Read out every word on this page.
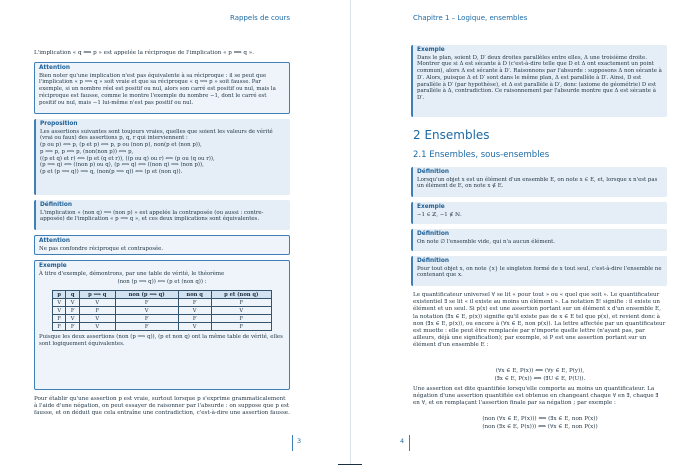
Rappels de cours
L'implication « q ⟹ p » est appelée la réciproque de l'implication « p ⟹ q ».
Attention
Bien noter qu'une implication n'est pas équivalente à sa réciproque : il se peut que l'implication « p ⟹ q » soit vraie et que sa réciproque « q ⟹ p » soit fausse. Par exemple, si un nombre réel est positif ou nul, alors son carré est positif ou nul, mais la réciproque est fausse, comme le montre l'exemple du nombre −1, dont le carré est positif ou nul, mais −1 lui-même n'est pas positif ou nul.
Proposition
Les assertions suivantes sont toujours vraies, quelles que soient les valeurs de vérité (vrai ou faux) des assertions p, q, r qui interviennent :
(p ou p) ⟺ p, (p et p) ⟺ p, p ou (non p), non(p et (non p)),
p ⟹ p, p ⟺ p, (non(non p)) ⟺ p,
((p et q) et r) ⟺ (p et (q et r)), ((p ou q) ou r) ⟺ (p ou (q ou r)),
(p ⟹ q) ⟺ ((non p) ou q), (p ⟺ q) ⟺ ((non q) ⟹ (non p)),
(p et (p ⟹ q)) ⟹ q, (non(p ⟹ q)) ⟺ (p et (non q)).
Définition
L'implication « (non q) ⟹ (non p) » est appelée la contraposée (ou aussi : contre-apposée) de l'implication « p ⟹ q », et ces deux implications sont équivalentes.
Attention
Ne pas confondre réciproque et contraposée.
Exemple
À titre d'exemple, démontrons, par une table de vérité, le théorème
(non (p ⟹ q)) ⟺ (p et (non q)) :
p	q	p ⟹ q	non (p ⟹ q)	non q	p et (non q)
V	V	V	F	F	F
V	F	F	V	V	V
F	V	V	F	F	F
F	F	V	F	V	F
Puisque les deux assertions (non (p ⟹ q)), (p et non q) ont la même table de vérité, elles sont logiquement équivalentes.
Pour établir qu'une assertion p est vraie, surtout lorsque p s'exprime grammaticalement à l'aide d'une négation, on peut essayer de raisonner par l'absurde : on suppose que p est fausse, et on déduit que cela entraîne une contradiction, c'est-à-dire une assertion fausse.
3
Chapitre 1 – Logique, ensembles
Exemple
Dans le plan, soient D, D′ deux droites parallèles entre elles, Δ une troisième droite. Montrer que si Δ est sécante à D (c'est-à-dire telle que D et Δ ont exactement un point commun), alors Δ est sécante à D′. Raisonnons par l'absurde : supposons Δ non sécante à D′. Alors, puisque Δ et D′ sont dans le même plan, Δ est parallèle à D′. Ainsi, D est parallèle à D′ (par hypothèse), et Δ est parallèle à D′, donc (axiome de géométrie) D est parallèle à Δ, contradiction. Ce raisonnement par l'absurde montre que Δ est sécante à D′.
2 Ensembles
2.1 Ensembles, sous-ensembles
Définition
Lorsqu'un objet x est un élément d'un ensemble E, on note x ∈ E, et, lorsque x n'est pas un élément de E, on note x ∉ E.
Exemple
−1 ∈ ℤ, −1 ∉ ℕ.
Définition
On note ∅ l'ensemble vide, qui n'a aucun élément.
Définition
Pour tout objet x, on note {x} le singleton formé de x tout seul, c'est-à-dire l'ensemble ne contenant que x.
Le quantificateur universel ∀ se lit « pour tout » ou « quel que soit ». Le quantificateur existentiel ∃ se lit « il existe au moins un élément ». La notation ∃! signifie : il existe un élément et un seul. Si p(x) est une assertion portant sur un élément x d'un ensemble E, la notation (∃x ∈ E, p(x)) signifie qu'il existe pas de x ∈ E tel que p(x), et revient donc à non (∃x ∈ E, p(x)), ou encore à (∀x ∈ E, non p(x)). La lettre affectée par un quantificateur est muette : elle peut être remplacée par n'importe quelle lettre (n'ayant pas, par ailleurs, déjà une signification); par exemple, si P est une assertion portant sur un élément d'un ensemble E :
(∀x ∈ E, P(x)) ⟺ (∀y ∈ E, P(y)),
(∃x ∈ E, P(x)) ⟺ (∃U ∈ E, P(U)).
Une assertion est dite quantifiée lorsqu'elle comporte au moins un quantificateur. La négation d'une assertion quantifiée est obtenue en changeant chaque ∀ en ∃, chaque ∃ en ∀, et en remplaçant l'assertion finale par sa négation ; par exemple :
(non (∀x ∈ E, P(x))) ⟺ (∃x ∈ E, non P(x))
(non (∃x ∈ E, P(x))) ⟺ (∀x ∈ E, non P(x))
4
